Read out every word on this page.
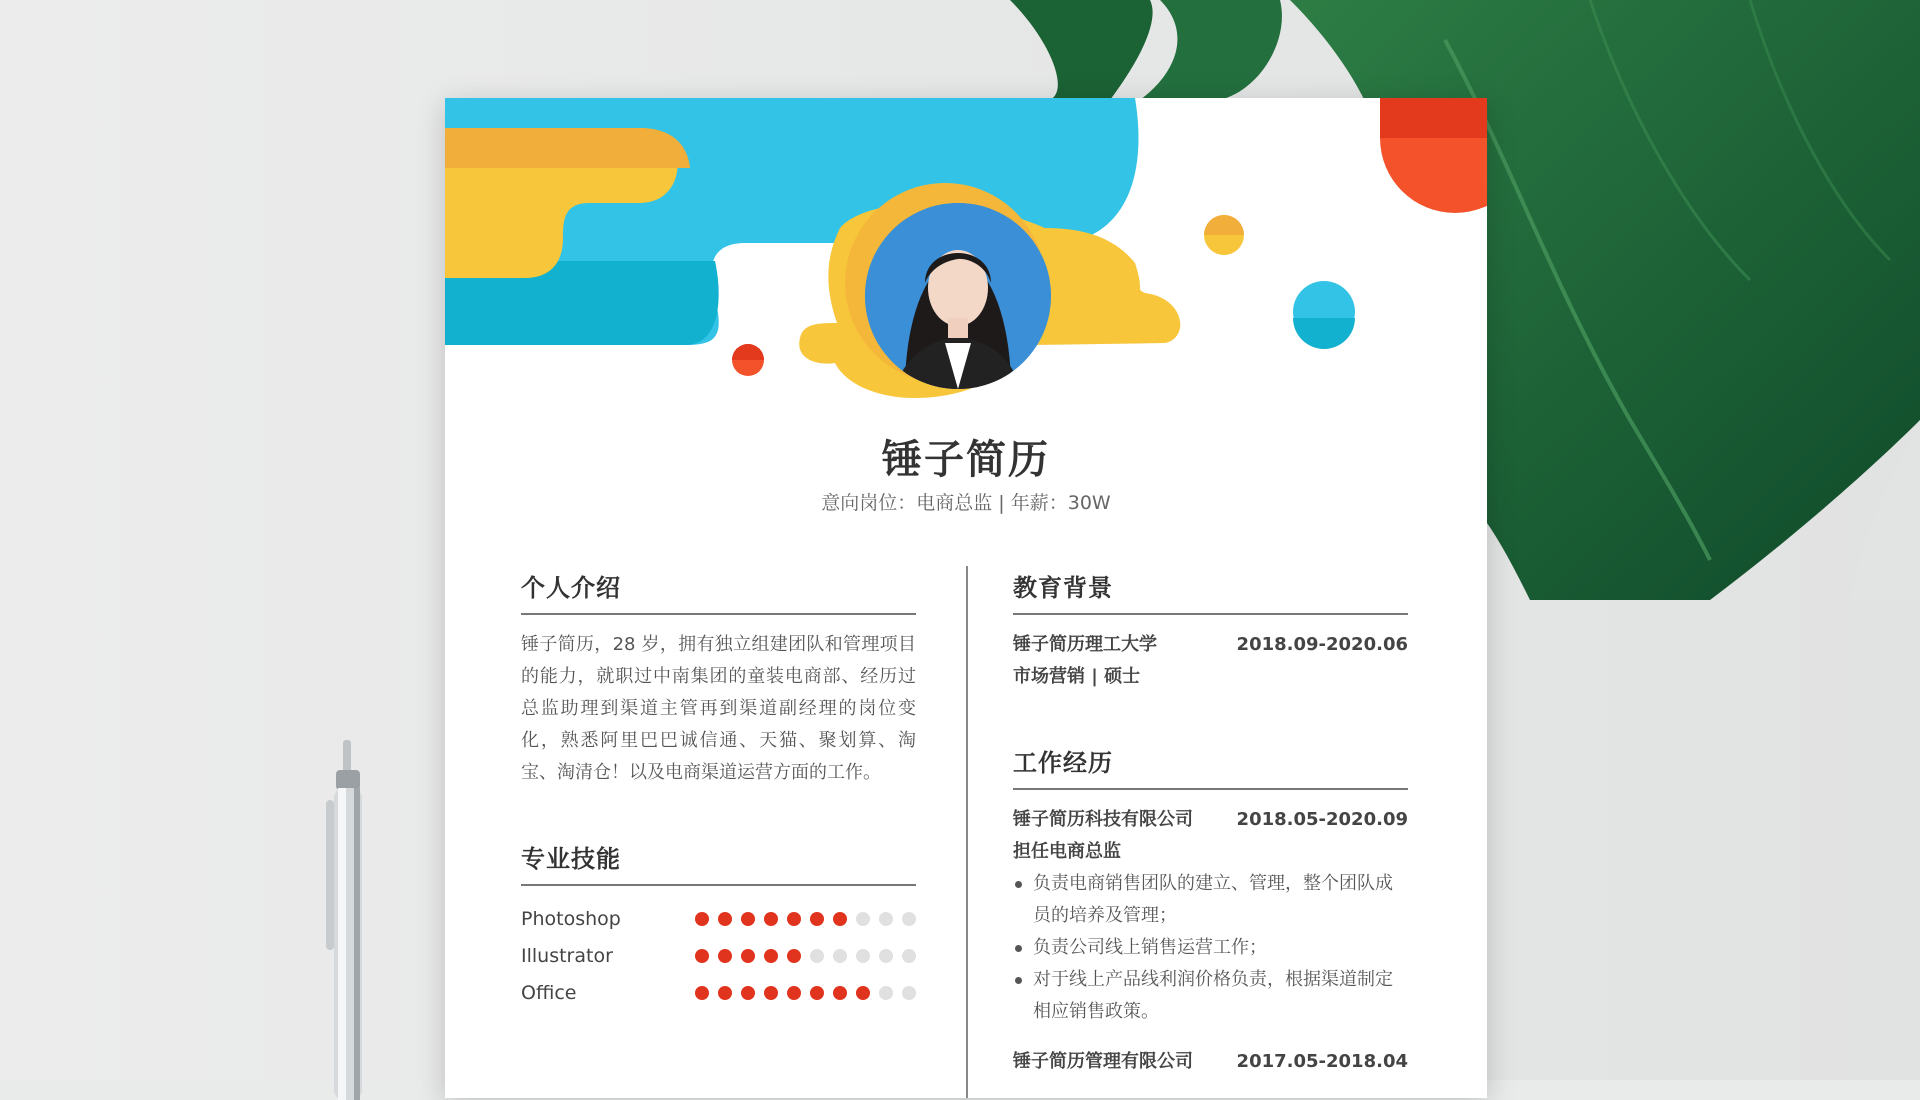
锤子简历
意向岗位：电商总监 | 年薪：30W
个人介绍
锤子简历，28 岁，拥有独立组建团队和管理项目的能力，就职过中南集团的童装电商部、经历过总监助理到渠道主管再到渠道副经理的岗位变化，熟悉阿里巴巴诚信通、天猫、聚划算、淘宝、淘清仓！以及电商渠道运营方面的工作。
专业技能
Photoshop
Illustrator
Office
教育背景
锤子简历理工大学	2018.09-2020.06
市场营销 | 硕士
工作经历
锤子简历科技有限公司 2018.05-2020.09
担任电商总监
负责电商销售团队的建立、管理，整个团队成员的培养及管理；
负责公司线上销售运营工作；
对于线上产品线利润价格负责，根据渠道制定相应销售政策。
锤子简历管理有限公司 2017.05-2018.04
